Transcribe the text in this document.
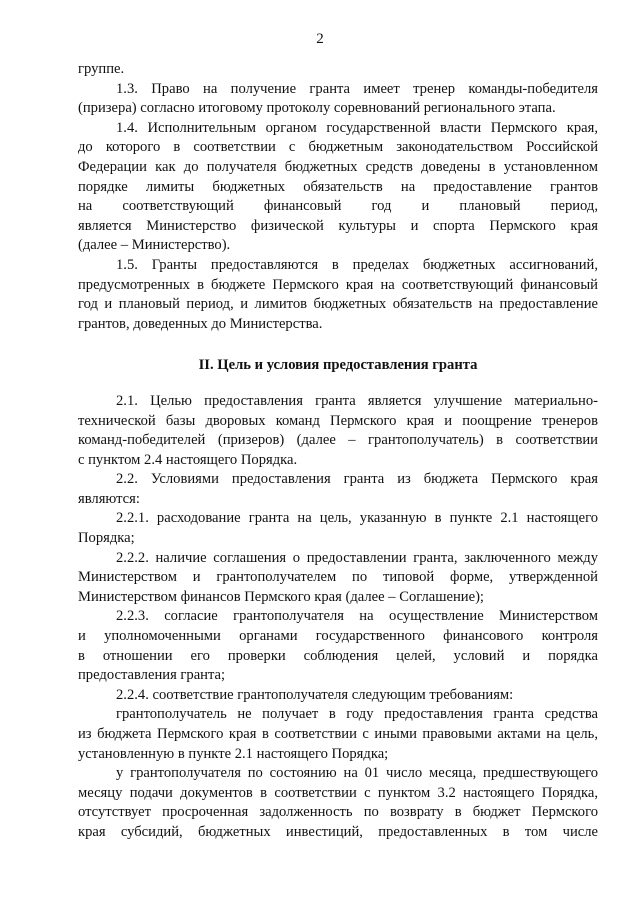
2
группе.
1.3. Право на получение гранта имеет тренер команды-победителя
(призера) согласно итоговому протоколу соревнований регионального этапа.
1.4. Исполнительным органом государственной власти Пермского края,
до которого в соответствии с бюджетным законодательством Российской
Федерации как до получателя бюджетных средств доведены в установленном
порядке лимиты бюджетных обязательств на предоставление грантов
на соответствующий финансовый год и плановый период,
является Министерство физической культуры и спорта Пермского края
(далее – Министерство).
1.5. Гранты предоставляются в пределах бюджетных ассигнований,
предусмотренных в бюджете Пермского края на соответствующий финансовый
год и плановый период, и лимитов бюджетных обязательств на предоставление
грантов, доведенных до Министерства.
II. Цель и условия предоставления гранта
2.1. Целью предоставления гранта является улучшение материально-
технической базы дворовых команд Пермского края и поощрение тренеров
команд-победителей (призеров) (далее – грантополучатель) в соответствии
с пунктом 2.4 настоящего Порядка.
2.2. Условиями предоставления гранта из бюджета Пермского края
являются:
2.2.1. расходование гранта на цель, указанную в пункте 2.1 настоящего
Порядка;
2.2.2. наличие соглашения о предоставлении гранта, заключенного между
Министерством и грантополучателем по типовой форме, утвержденной
Министерством финансов Пермского края (далее – Соглашение);
2.2.3. согласие грантополучателя на осуществление Министерством
и уполномоченными органами государственного финансового контроля
в отношении его проверки соблюдения целей, условий и порядка
предоставления гранта;
2.2.4. соответствие грантополучателя следующим требованиям:
грантополучатель не получает в году предоставления гранта средства
из бюджета Пермского края в соответствии с иными правовыми актами на цель,
установленную в пункте 2.1 настоящего Порядка;
у грантополучателя по состоянию на 01 число месяца, предшествующего
месяцу подачи документов в соответствии с пунктом 3.2 настоящего Порядка,
отсутствует просроченная задолженность по возврату в бюджет Пермского
края субсидий, бюджетных инвестиций, предоставленных в том числе
